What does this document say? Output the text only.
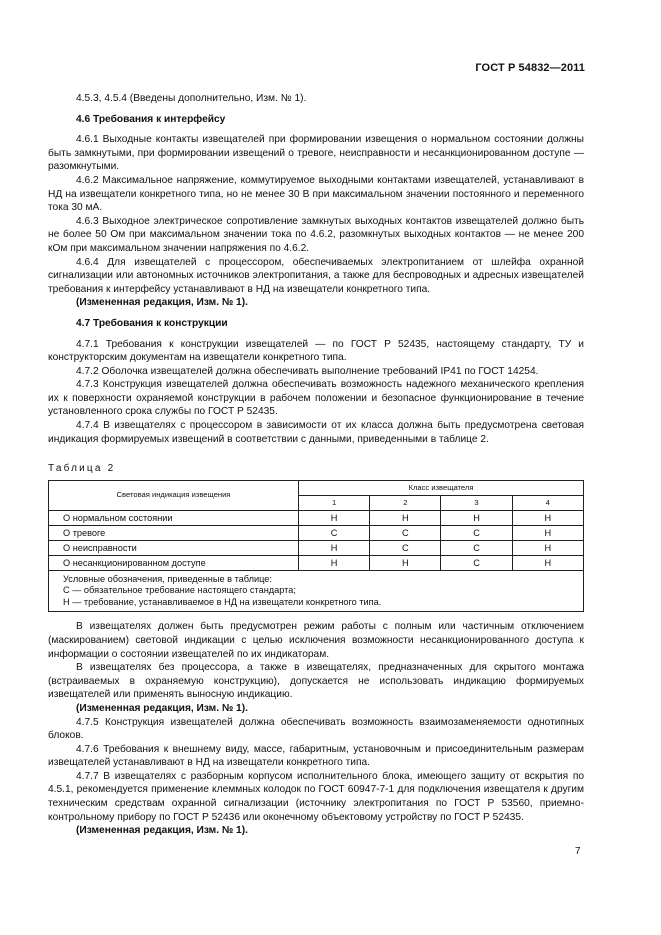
ГОСТ Р 54832—2011

4.5.3, 4.5.4 (Введены дополнительно, Изм. № 1).

4.6 Требования к интерфейсу

4.6.1 Выходные контакты извещателей при формировании извещения о нормальном состоянии должны быть замкнутыми, при формировании извещений о тревоге, неисправности и несанкционированном доступе — разомкнутыми.

4.6.2 Максимальное напряжение, коммутируемое выходными контактами извещателей, устанавливают в НД на извещатели конкретного типа, но не менее 30 В при максимальном значении постоянного и переменного тока 30 мА.

4.6.3 Выходное электрическое сопротивление замкнутых выходных контактов извещателей должно быть не более 50 Ом при максимальном значении тока по 4.6.2, разомкнутых выходных контактов — не менее 200 кОм при максимальном значении напряжения по 4.6.2.

4.6.4 Для извещателей с процессором, обеспечиваемых электропитанием от шлейфа охранной сигнализации или автономных источников электропитания, а также для беспроводных и адресных извещателей требования к интерфейсу устанавливают в НД на извещатели конкретного типа.

(Измененная редакция, Изм. № 1).

4.7 Требования к конструкции

4.7.1 Требования к конструкции извещателей — по ГОСТ Р 52435, настоящему стандарту, ТУ и конструкторским документам на извещатели конкретного типа.

4.7.2 Оболочка извещателей должна обеспечивать выполнение требований IP41 по ГОСТ 14254.

4.7.3 Конструкция извещателей должна обеспечивать возможность надежного механического крепления их к поверхности охраняемой конструкции в рабочем положении и безопасное функционирование в течение установленного срока службы по ГОСТ Р 52435.

4.7.4 В извещателях с процессором в зависимости от их класса должна быть предусмотрена световая индикация формируемых извещений в соответствии с данными, приведенными в таблице 2.

Таблица 2

Световая индикация извещения	Класс извещателя			
	1	2	3	4
О нормальном состоянии	Н	Н	Н	Н
О тревоге	С	С	С	Н
О неисправности	Н	С	С	Н
О несанкционированном доступе	Н	Н	С	Н

Условные обозначения, приведенные в таблице:
С — обязательное требование настоящего стандарта;
Н — требование, устанавливаемое в НД на извещатели конкретного типа.				

В извещателях должен быть предусмотрен режим работы с полным или частичным отключением (маскированием) световой индикации с целью исключения возможности несанкционированного доступа к информации о состоянии извещателей по их индикаторам.

В извещателях без процессора, а также в извещателях, предназначенных для скрытого монтажа (встраиваемых в охраняемую конструкцию), допускается не использовать индикацию формируемых извещателей или применять выносную индикацию.

(Измененная редакция, Изм. № 1).

4.7.5 Конструкция извещателей должна обеспечивать возможность взаимозаменяемости однотипных блоков.

4.7.6 Требования к внешнему виду, массе, габаритным, установочным и присоединительным размерам извещателей устанавливают в НД на извещатели конкретного типа.

4.7.7 В извещателях с разборным корпусом исполнительного блока, имеющего защиту от вскрытия по 4.5.1, рекомендуется применение клеммных колодок по ГОСТ 60947-7-1 для подключения извещателя к другим техническим средствам охранной сигнализации (источнику электропитания по ГОСТ Р 53560, приемно-контрольному прибору по ГОСТ Р 52436 или оконечному объектовому устройству по ГОСТ Р 52435.

(Измененная редакция, Изм. № 1).

7
